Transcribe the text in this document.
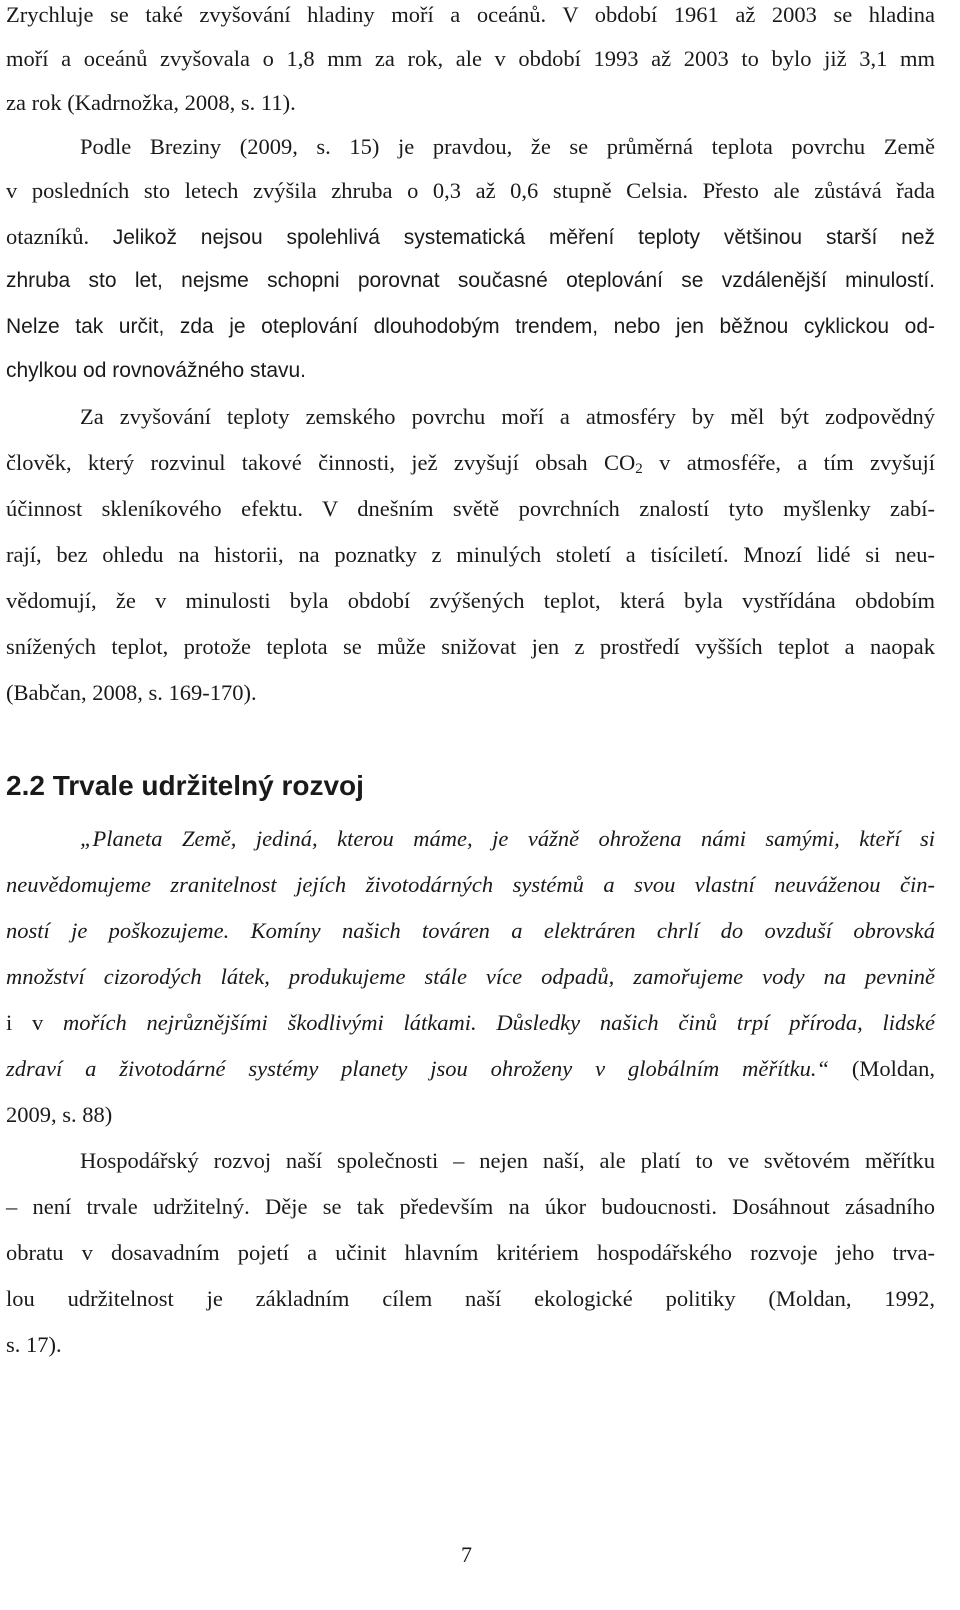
Zrychluje se také zvyšování hladiny moří a oceánů. V období 1961 až 2003 se hladina
moří a oceánů zvyšovala o 1,8 mm za rok, ale v období 1993 až 2003 to bylo již 3,1 mm
za rok (Kadrnožka, 2008, s. 11).
Podle Breziny (2009, s. 15) je pravdou, že se průměrná teplota povrchu Země
v posledních sto letech zvýšila zhruba o 0,3 až 0,6 stupně Celsia. Přesto ale zůstává řada
otazníků. Jelikož nejsou spolehlivá systematická měření teploty většinou starší než
zhruba sto let, nejsme schopni porovnat současné oteplování se vzdálenější minulostí.
Nelze tak určit, zda je oteplování dlouhodobým trendem, nebo jen běžnou cyklickou od-
chylkou od rovnovážného stavu.
Za zvyšování teploty zemského povrchu moří a atmosféry by měl být zodpovědný
člověk, který rozvinul takové činnosti, jež zvyšují obsah $CO_2$ v atmosféře, a tím zvyšují
účinnost skleníkového efektu. V dnešním světě povrchních znalostí tyto myšlenky zabí-
rají, bez ohledu na historii, na poznatky z minulých století a tisíciletí. Mnozí lidé si neu-
vědomují, že v minulosti byla období zvýšených teplot, která byla vystřídána obdobím
snížených teplot, protože teplota se může snižovat jen z prostředí vyšších teplot a naopak
(Babčan, 2008, s. 169-170).
2.2 Trvale udržitelný rozvoj
„Planeta Země, jediná, kterou máme, je vážně ohrožena námi samými, kteří si
neuvědomujeme zranitelnost jejích životodárných systémů a svou vlastní neuváženou čin-
ností je poškozujeme. Komíny našich továren a elektráren chrlí do ovzduší obrovská
množství cizorodých látek, produkujeme stále více odpadů, zamořujeme vody na pevnině
i v mořích nejrůznějšími škodlivými látkami. Důsledky našich činů trpí příroda, lidské
zdraví a životodárné systémy planety jsou ohroženy v globálním měřítku.“ (Moldan,
2009, s. 88)
Hospodářský rozvoj naší společnosti – nejen naší, ale platí to ve světovém měřítku
– není trvale udržitelný. Děje se tak především na úkor budoucnosti. Dosáhnout zásadního
obratu v dosavadním pojetí a učinit hlavním kritériem hospodářského rozvoje jeho trva-
lou udržitelnost je základním cílem naší ekologické politiky (Moldan, 1992,
s. 17).
7
